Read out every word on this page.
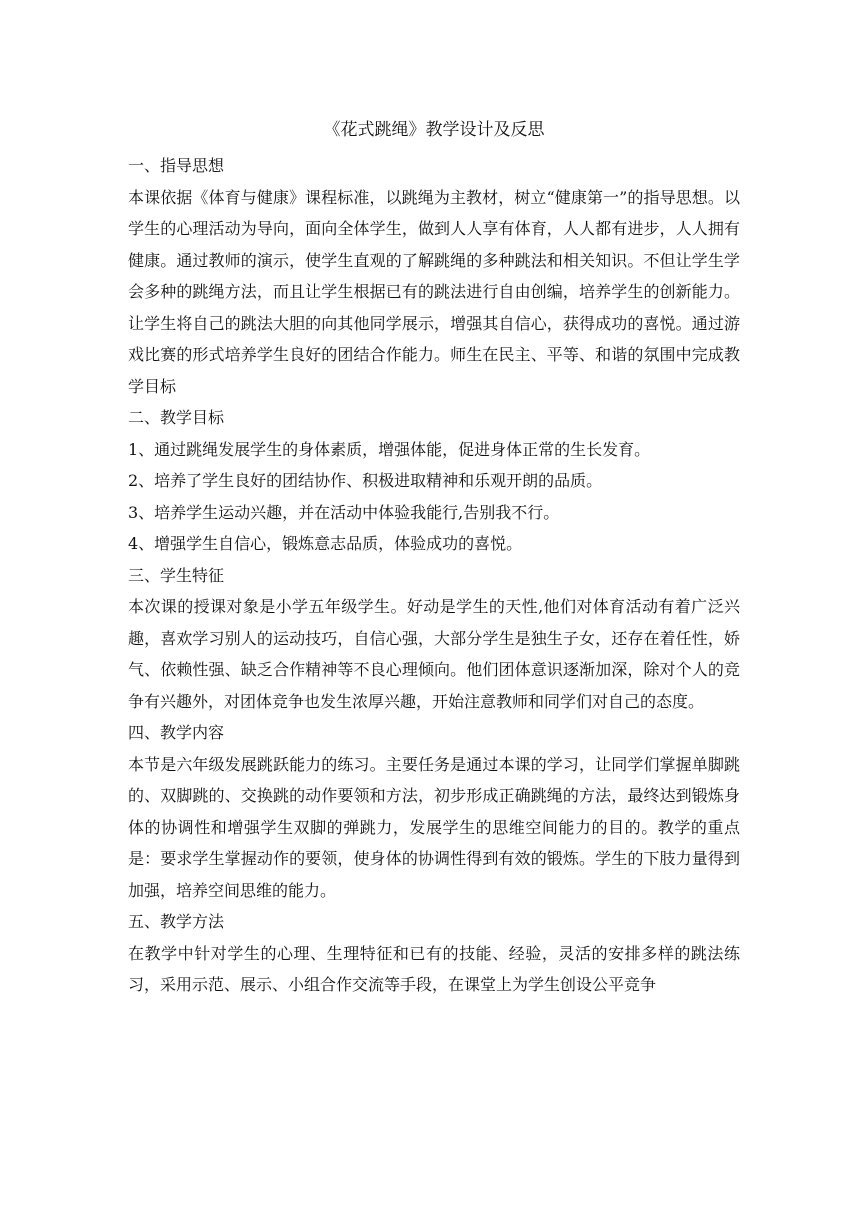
《花式跳绳》教学设计及反思

一、指导思想

本课依据《体育与健康》课程标准，以跳绳为主教材，树立“健康第一”的指导思想。以学生的心理活动为导向，面向全体学生，做到人人享有体育，人人都有进步，人人拥有健康。通过教师的演示，使学生直观的了解跳绳的多种跳法和相关知识。不但让学生学会多种的跳绳方法，而且让学生根据已有的跳法进行自由创编，培养学生的创新能力。让学生将自己的跳法大胆的向其他同学展示，增强其自信心，获得成功的喜悦。通过游戏比赛的形式培养学生良好的团结合作能力。师生在民主、平等、和谐的氛围中完成教学目标

二、教学目标

1、通过跳绳发展学生的身体素质，增强体能，促进身体正常的生长发育。

2、培养了学生良好的团结协作、积极进取精神和乐观开朗的品质。

3、培养学生运动兴趣，并在活动中体验我能行,告别我不行。

4、增强学生自信心，锻炼意志品质，体验成功的喜悦。

三、学生特征

本次课的授课对象是小学五年级学生。好动是学生的天性,他们对体育活动有着广泛兴趣，喜欢学习别人的运动技巧，自信心强，大部分学生是独生子女，还存在着任性，娇气、依赖性强、缺乏合作精神等不良心理倾向。他们团体意识逐渐加深，除对个人的竞争有兴趣外，对团体竞争也发生浓厚兴趣，开始注意教师和同学们对自己的态度。

四、教学内容

本节是六年级发展跳跃能力的练习。主要任务是通过本课的学习，让同学们掌握单脚跳的、双脚跳的、交换跳的动作要领和方法，初步形成正确跳绳的方法，最终达到锻炼身体的协调性和增强学生双脚的弹跳力，发展学生的思维空间能力的目的。教学的重点是：要求学生掌握动作的要领，使身体的协调性得到有效的锻炼。学生的下肢力量得到加强，培养空间思维的能力。

五、教学方法

在教学中针对学生的心理、生理特征和已有的技能、经验，灵活的安排多样的跳法练习，采用示范、展示、小组合作交流等手段，在课堂上为学生创设公平竞争
